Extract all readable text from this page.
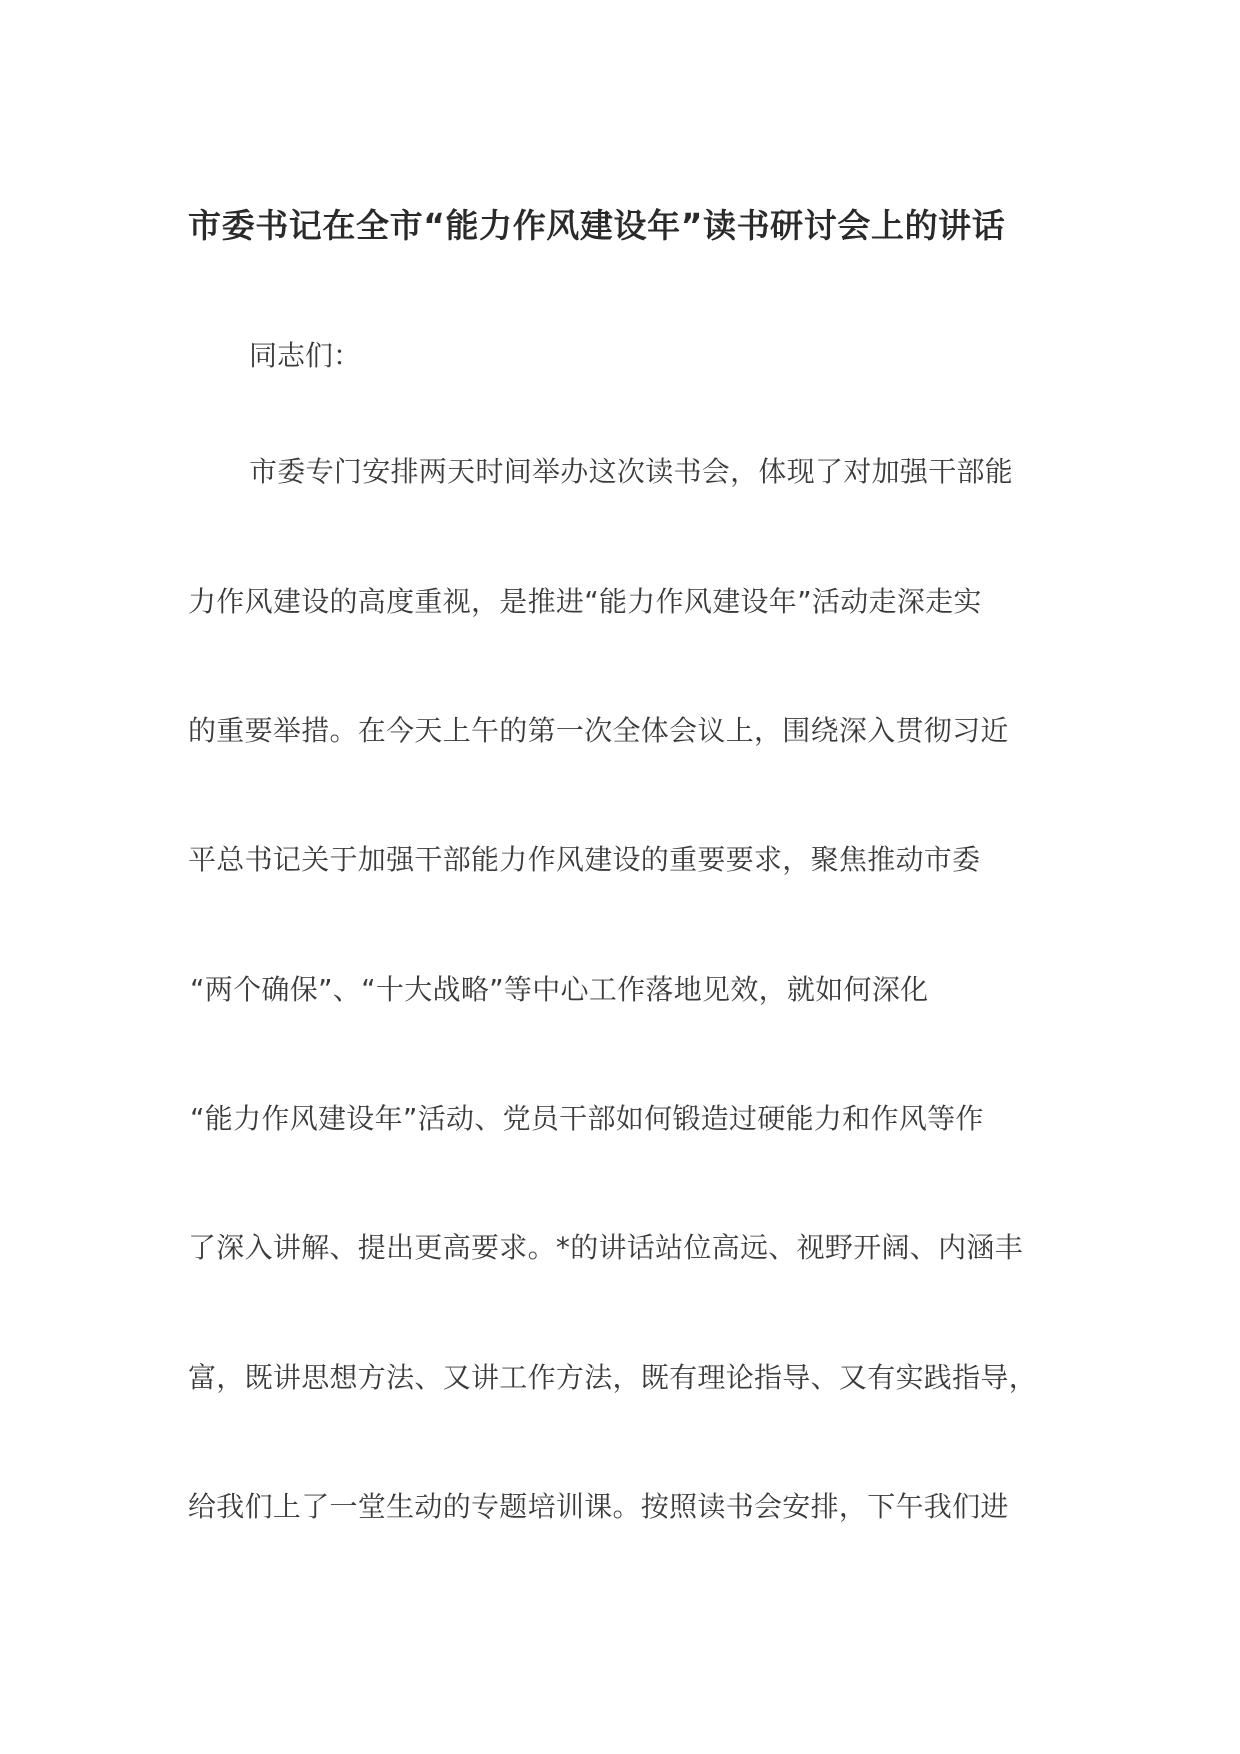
市委书记在全市“能力作风建设年”读书研讨会上的讲话
同志们：
市委专门安排两天时间举办这次读书会，体现了对加强干部能
力作风建设的高度重视，是推进“能力作风建设年”活动走深走实
的重要举措。在今天上午的第一次全体会议上，围绕深入贯彻习近
平总书记关于加强干部能力作风建设的重要要求，聚焦推动市委
“两个确保”、“十大战略”等中心工作落地见效，就如何深化
“能力作风建设年”活动、党员干部如何锻造过硬能力和作风等作
了深入讲解、提出更高要求。*的讲话站位高远、视野开阔、内涵丰
富，既讲思想方法、又讲工作方法，既有理论指导、又有实践指导，
给我们上了一堂生动的专题培训课。按照读书会安排，下午我们进
